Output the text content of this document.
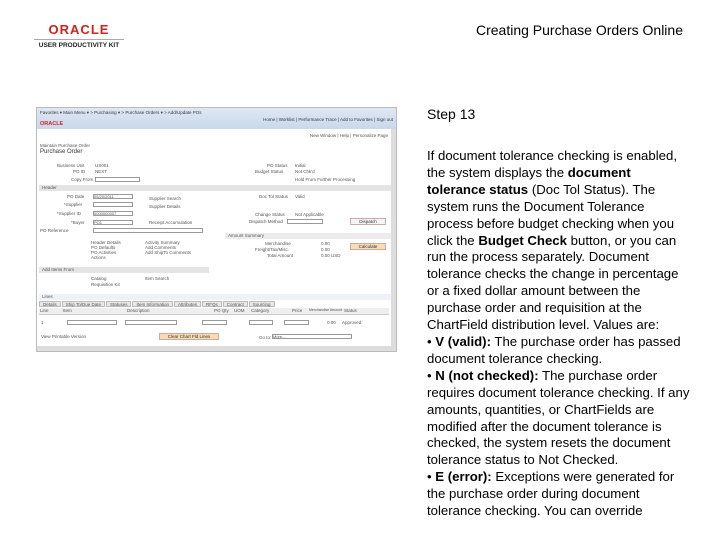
ORACLE
USER PRODUCTIVITY KIT
Creating Purchase Orders Online
Step 13
If document tolerance checking is enabled, the system displays the document tolerance status (Doc Tol Status). The system runs the Document Tolerance process before budget checking when you click the Budget Check button, or you can run the process separately. Document tolerance checks the change in percentage or a fixed dollar amount between the purchase order and requisition at the ChartField distribution level. Values are:
• V (valid): The purchase order has passed document tolerance checking.
• N (not checked): The purchase order requires document tolerance checking. If any amounts, quantities, or ChartFields are modified after the document tolerance is checked, the system resets the document tolerance status to Not Checked.
• E (error): Exceptions were generated for the purchase order during document tolerance checking. You can override
Favorites ▾ Main Menu ▾ > Purchasing ▾ > Purchase Orders ▾ > Add/Update POs
Home | Worklist | Performance Trace | Add to Favorites | Sign out
ORACLE
New Window | Help | Personalize Page
Maintain Purchase Order
Purchase Order
Business Unit US001
PO ID NEXT
Copy From
PO Status Initial
Budget Status	Not Chk'd
Hold From Further Processing
Header
PO Date 05/20/2011
*Supplier
*Supplier ID	0000000007
*Buyer PO1
PO Reference
Supplier Search
Supplier Details
Receipt Accumulation
Doc Tol Status Valid
Change Status Not Applicable
Dispatch Method	Dispatch
Header Details
PO Defaults
PO Activities
Actions
Activity Summary
Add Comments
Add ShipTo Comments
Amount Summary
Merchandise	0.00
Freight/Tax/Misc.	0.00
Total Amount	0.00 USD
Calculate
Add Items From
Catalog	Item Search
Requisition Kit
Lines
Details	Ship To/Due Date	Statuses	Item Information	Attributes	RFQs	Contract	Sourcing
Line	Item	Description	PO Qty UOM Category	Price Merchandise Amount Status
1	0.00 Approved
View Printable Version	Clear Chart Fld Lines	Go to: More...
